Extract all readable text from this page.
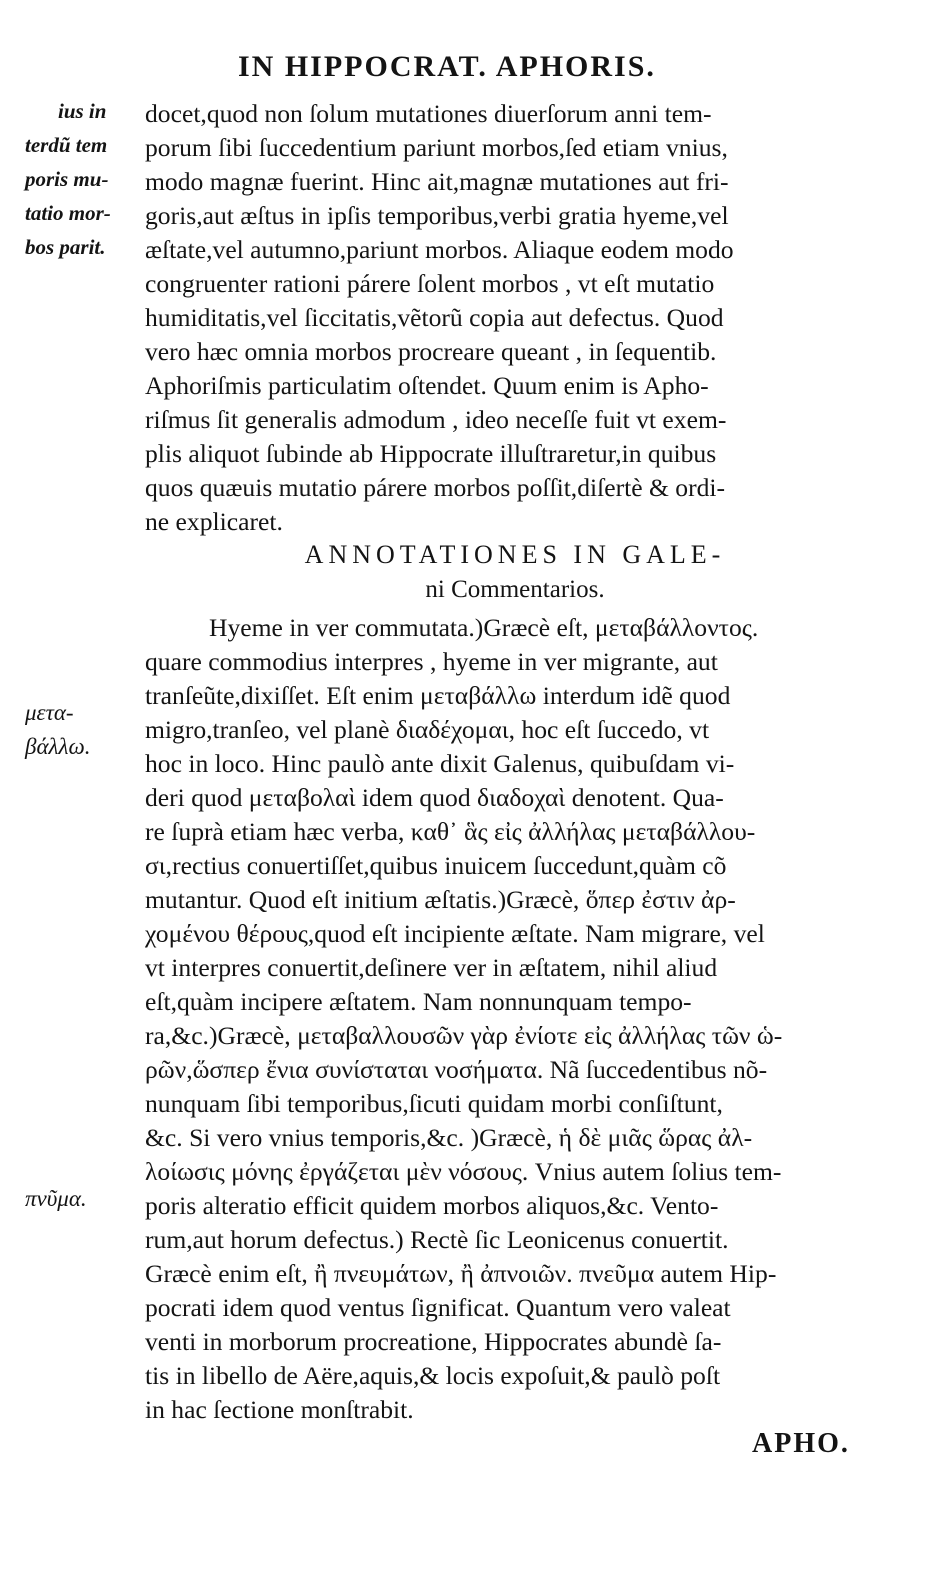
IN HIPPOCRAT. APHORIS.
ius in
terdũ tem
poris mu-
tatio mor-
bos parit.
μετα-
βάλλω.
πνῦμα.
docet,quod non ſolum mutationes diuerſorum anni tem-
porum ſibi ſuccedentium pariunt morbos,ſed etiam vnius,
modo magnæ fuerint. Hinc ait,magnæ mutationes aut fri-
goris,aut æſtus in ipſis temporibus,verbi gratia hyeme,vel
æſtate,vel autumno,pariunt morbos. Aliaque eodem modo
congruenter rationi párere ſolent morbos , vt eſt mutatio
humiditatis,vel ſiccitatis,vẽtorũ copia aut defectus. Quod
vero hæc omnia morbos procreare queant , in ſequentib.
Aphoriſmis particulatim oſtendet. Quum enim is Apho-
riſmus ſit generalis admodum , ideo neceſſe fuit vt exem-
plis aliquot ſubinde ab Hippocrate illuſtraretur,in quibus
quos quæuis mutatio párere morbos poſſit,diſertè & ordi-
ne explicaret.
ANNOTATIONES IN GALE-
ni Commentarios.
Hyeme in ver commutata.)Græcè eſt, μεταβάλλοντος.
quare commodius interpres , hyeme in ver migrante, aut
tranſeũte,dixiſſet. Eſt enim μεταβάλλω interdum idẽ quod
migro,tranſeo, vel planè διαδέχομαι, hoc eſt ſuccedo, vt
hoc in loco. Hinc paulò ante dixit Galenus, quibuſdam vi-
deri quod μεταβολαὶ idem quod διαδοχαὶ denotent. Qua-
re ſuprà etiam hæc verba, καθ᾽ ἃς εἰς ἀλλήλας μεταβάλλου-
σι,rectius conuertiſſet,quibus inuicem ſuccedunt,quàm cõ
mutantur. Quod eſt initium æſtatis.)Græcè, ὅπερ ἐστιν ἀρ-
χομένου θέρους,quod eſt incipiente æſtate. Nam migrare, vel
vt interpres conuertit,deſinere ver in æſtatem, nihil aliud
eſt,quàm incipere æſtatem. Nam nonnunquam tempo-
ra,&c.)Græcè, μεταβαλλουσῶν γὰρ ἐνίοτε εἰς ἀλλήλας τῶν ὡ-
ρῶν,ὥσπερ ἔνια συνίσταται νοσήματα. Nã ſuccedentibus nõ-
nunquam ſibi temporibus,ſicuti quidam morbi conſiſtunt,
&c. Si vero vnius temporis,&c. )Græcè, ἡ δὲ μιᾶς ὥρας ἀλ-
λοίωσις μόνης ἐργάζεται μὲν νόσους. Vnius autem ſolius tem-
poris alteratio efficit quidem morbos aliquos,&c. Vento-
rum,aut horum defectus.) Rectè ſic Leonicenus conuertit.
Græcè enim eſt, ἢ πνευμάτων, ἢ ἀπνοιῶν. πνεῦμα autem Hip-
pocrati idem quod ventus ſignificat. Quantum vero valeat
venti in morborum procreatione, Hippocrates abundè ſa-
tis in libello de Aëre,aquis,& locis expoſuit,& paulò poſt
in hac ſectione monſtrabit.
APHO.
